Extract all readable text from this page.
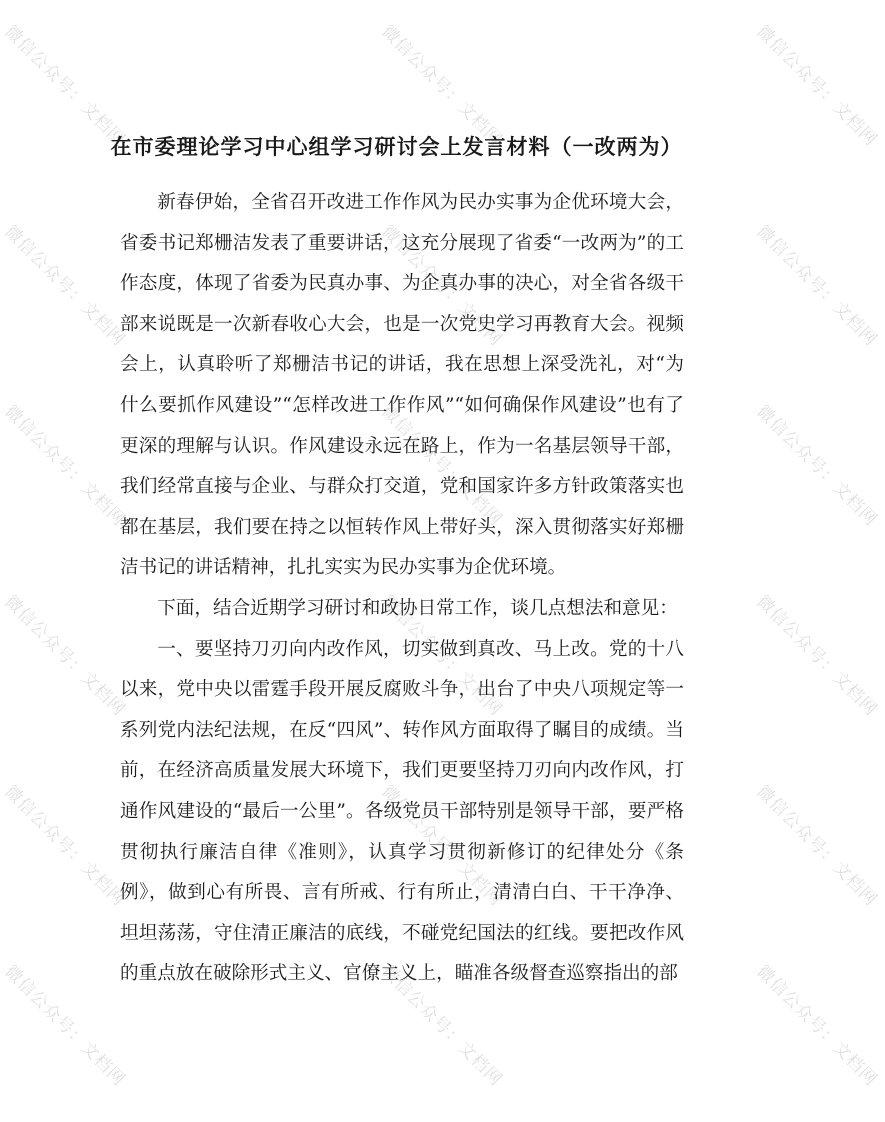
在市委理论学习中心组学习研讨会上发言材料（一改两为）

新春伊始，全省召开改进工作作风为民办实事为企优环境大会，省委书记郑栅洁发表了重要讲话，这充分展现了省委“一改两为”的工作态度，体现了省委为民真办事、为企真办事的决心，对全省各级干部来说既是一次新春收心大会，也是一次党史学习再教育大会。视频会上，认真聆听了郑栅洁书记的讲话，我在思想上深受洗礼，对“为什么要抓作风建设”“怎样改进工作作风”“如何确保作风建设”也有了更深的理解与认识。作风建设永远在路上，作为一名基层领导干部，我们经常直接与企业、与群众打交道，党和国家许多方针政策落实也都在基层，我们要在持之以恒转作风上带好头，深入贯彻落实好郑栅洁书记的讲话精神，扎扎实实为民办实事为企优环境。

下面，结合近期学习研讨和政协日常工作，谈几点想法和意见：

一、要坚持刀刃向内改作风，切实做到真改、马上改。党的十八以来，党中央以雷霆手段开展反腐败斗争，出台了中央八项规定等一系列党内法纪法规，在反“四风”、转作风方面取得了瞩目的成绩。当前，在经济高质量发展大环境下，我们更要坚持刀刃向内改作风，打通作风建设的“最后一公里”。各级党员干部特别是领导干部，要严格贯彻执行廉洁自律《准则》，认真学习贯彻新修订的纪律处分《条例》，做到心有所畏、言有所戒、行有所止，清清白白、干干净净、坦坦荡荡，守住清正廉洁的底线，不碰党纪国法的红线。要把改作风的重点放在破除形式主义、官僚主义上，瞄准各级督查巡察指出的部

微信公众号：文档网	微信公众号：文档网	微信公众号：文档网
微信公众号：文档网	微信公众号：文档网	微信公众号：文档网
微信公众号：文档网	微信公众号：文档网	微信公众号：文档网
微信公众号：文档网	微信公众号：文档网	微信公众号：文档网
微信公众号：文档网	微信公众号：文档网	微信公众号：文档网
微信公众号：文档网	微信公众号：文档网	微信公众号：文档网
